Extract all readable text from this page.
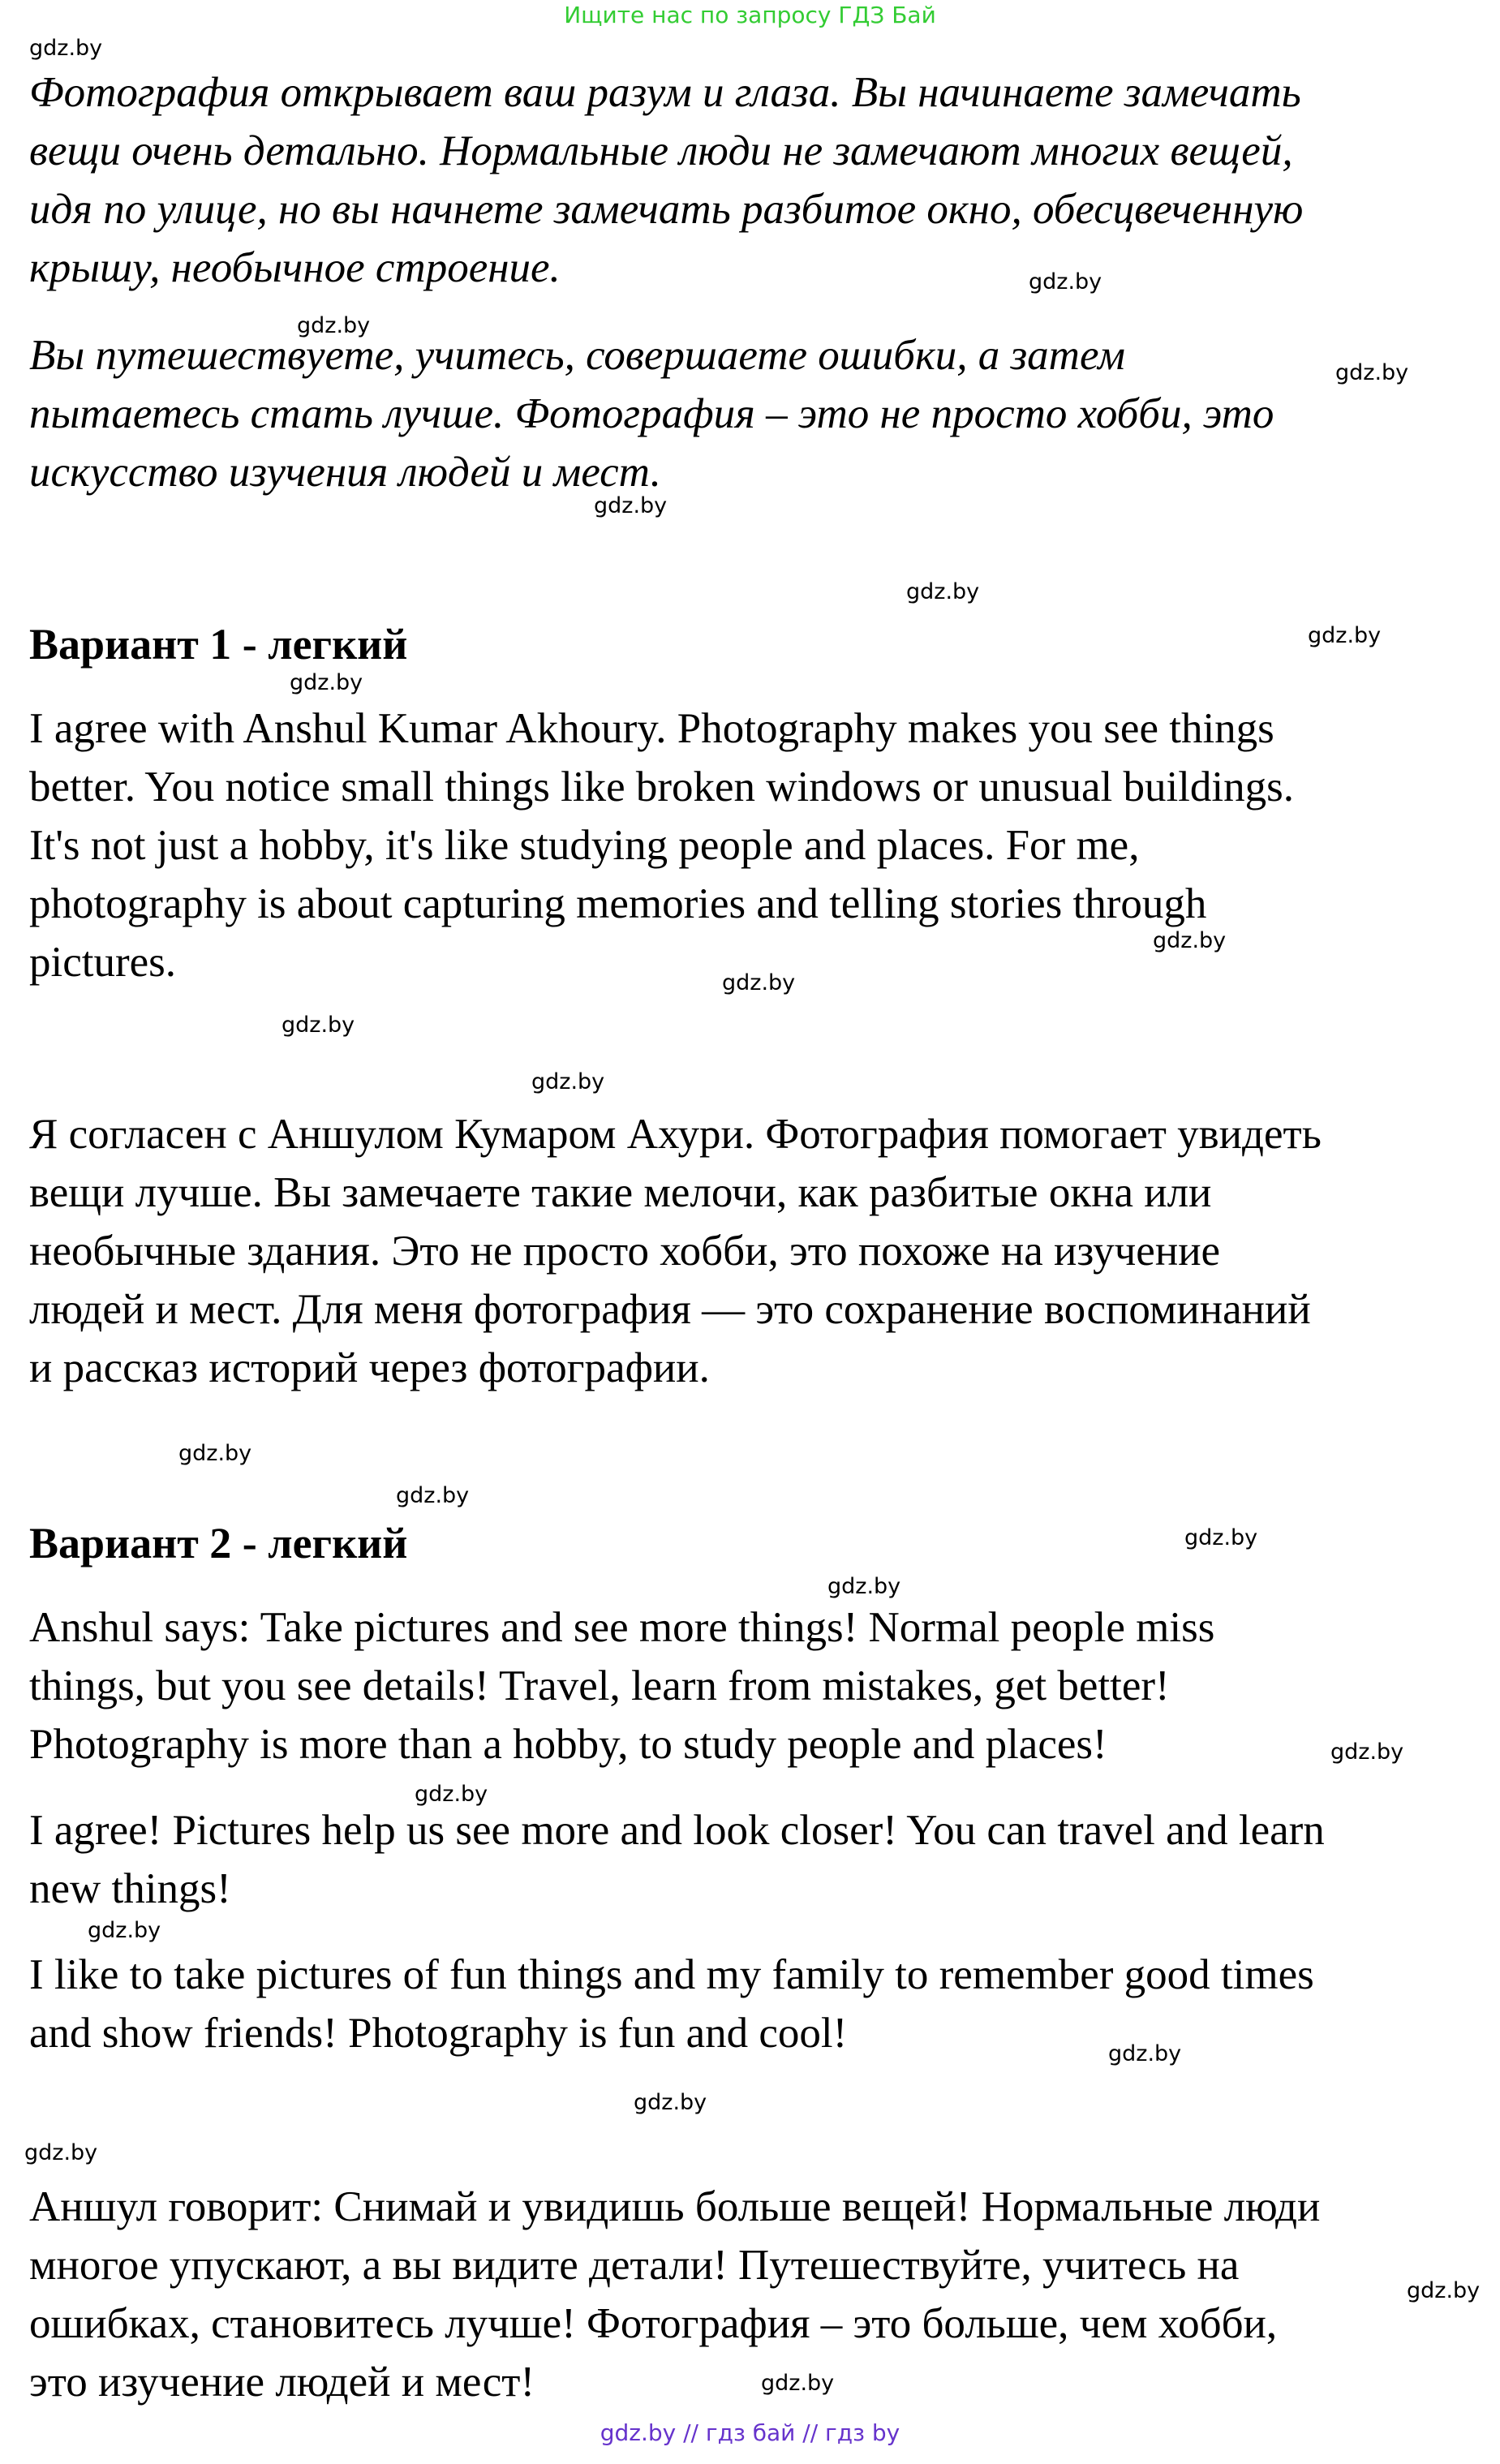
Ищите нас по запросу ГДЗ Бай
gdz.by
gdz.by
gdz.by
gdz.by
gdz.by
gdz.by
gdz.by
gdz.by
gdz.by
gdz.by
gdz.by
gdz.by
gdz.by
gdz.by
gdz.by
gdz.by
gdz.by
gdz.by
gdz.by
gdz.by
gdz.by
gdz.by
gdz.by
gdz.by
Фотография открывает ваш разум и глаза. Вы начинаете замечать
вещи очень детально. Нормальные люди не замечают многих вещей,
идя по улице, но вы начнете замечать разбитое окно, обесцвеченную
крышу, необычное строение.
Вы путешествуете, учитесь, совершаете ошибки, а затем
пытаетесь стать лучше. Фотография – это не просто хобби, это
искусство изучения людей и мест.
Вариант 1 - легкий
I agree with Anshul Kumar Akhoury. Photography makes you see things
better. You notice small things like broken windows or unusual buildings.
It's not just a hobby, it's like studying people and places. For me,
photography is about capturing memories and telling stories through
pictures.
Я согласен с Аншулом Кумаром Ахури. Фотография помогает увидеть
вещи лучше. Вы замечаете такие мелочи, как разбитые окна или
необычные здания. Это не просто хобби, это похоже на изучение
людей и мест. Для меня фотография — это сохранение воспоминаний
и рассказ историй через фотографии.
Вариант 2 - легкий
Anshul says: Take pictures and see more things! Normal people miss
things, but you see details! Travel, learn from mistakes, get better!
Photography is more than a hobby, to study people and places!
I agree! Pictures help us see more and look closer! You can travel and learn
new things!
I like to take pictures of fun things and my family to remember good times
and show friends! Photography is fun and cool!
Аншул говорит: Снимай и увидишь больше вещей! Нормальные люди
многое упускают, а вы видите детали! Путешествуйте, учитесь на
ошибках, становитесь лучше! Фотография – это больше, чем хобби,
это изучение людей и мест!
gdz.by // гдз бай // гдз by
